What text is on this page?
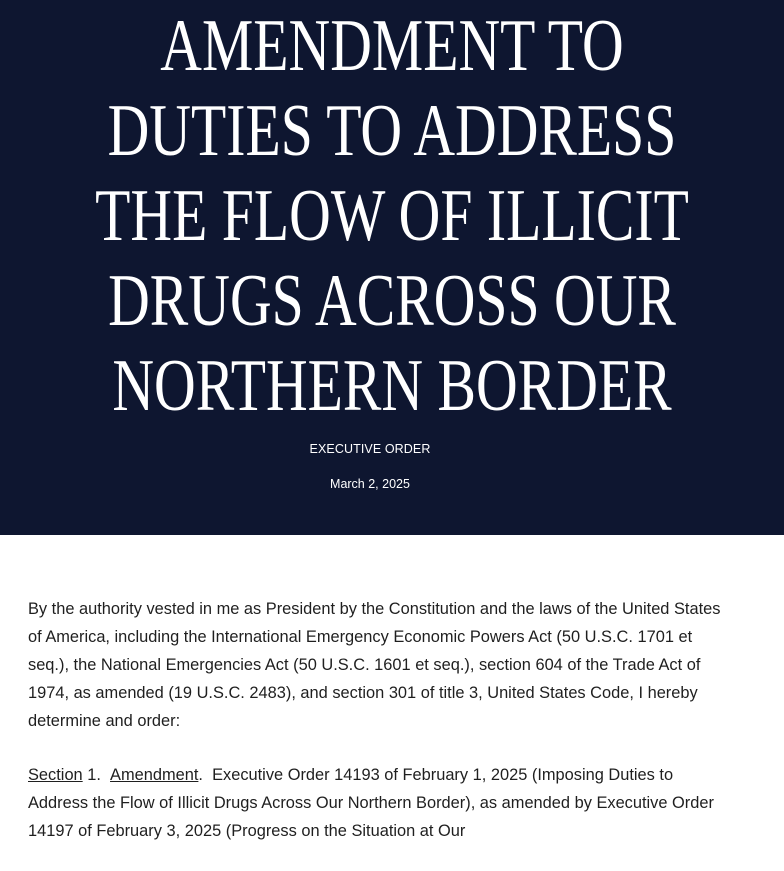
AMENDMENT TO
DUTIES TO ADDRESS
THE FLOW OF ILLICIT
DRUGS ACROSS OUR
NORTHERN BORDER
EXECUTIVE ORDER
March 2, 2025

By the authority vested in me as President by the Constitution and the laws of the United States of America, including the International Emergency Economic Powers Act (50 U.S.C. 1701 et seq.), the National Emergencies Act (50 U.S.C. 1601 et seq.), section 604 of the Trade Act of 1974, as amended (19 U.S.C. 2483), and section 301 of title 3, United States Code, I hereby determine and order:

Section 1.  Amendment.  Executive Order 14193 of February 1, 2025 (Imposing Duties to Address the Flow of Illicit Drugs Across Our Northern Border), as amended by Executive Order 14197 of February 3, 2025 (Progress on the Situation at Our
